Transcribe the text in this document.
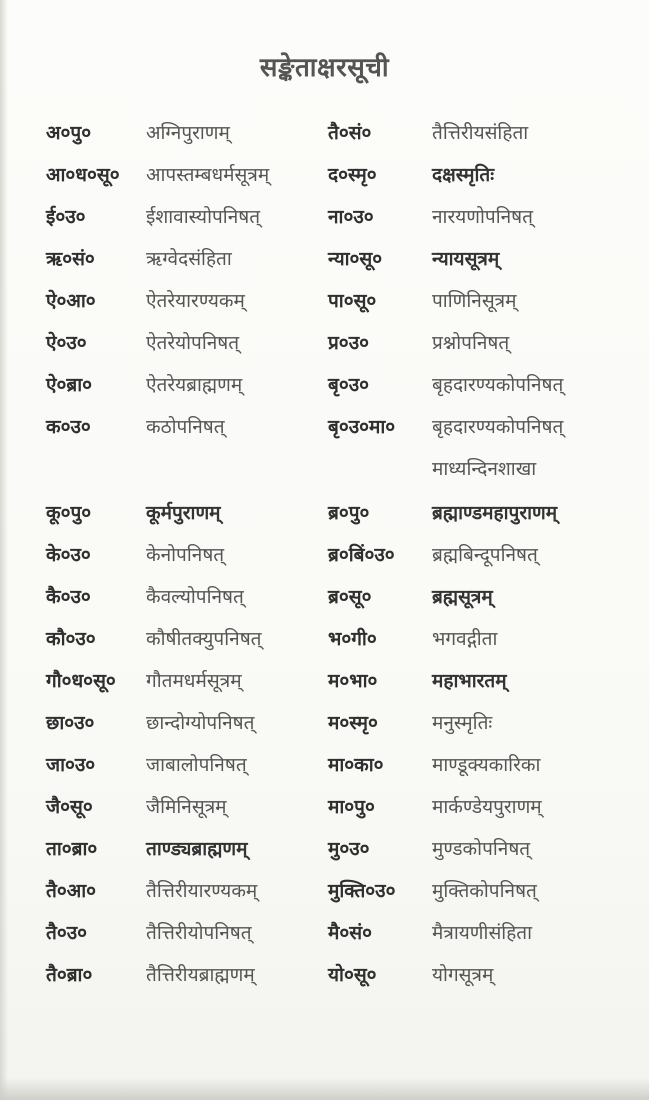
सङ्केताक्षरसूची
अ०पु०	अग्निपुराणम्	तै०सं०	तैत्तिरीयसंहिता
आ०ध०सू० आपस्तम्बधर्मसूत्रम्	द०स्मृ०	दक्षस्मृतिः
ई०उ०	ईशावास्योपनिषत्	ना०उ०	नारयणोपनिषत्
ऋ०सं०	ऋग्वेदसंहिता	न्या०सू०	न्यायसूत्रम्
ऐ०आ०	ऐतरेयारण्यकम्	पा०सू०	पाणिनिसूत्रम्
ऐ०उ०	ऐतरेयोपनिषत्	प्र०उ०	प्रश्नोपनिषत्
ऐ०ब्रा०	ऐतरेयब्राह्मणम्	बृ०उ०	बृहदारण्यकोपनिषत्
क०उ०	कठोपनिषत्	बृ०उ०मा० बृहदारण्यकोपनिषत्
माध्यन्दिनशाखा
कू०पु०	कूर्मपुराणम्	ब्र०पु०	ब्रह्माण्डमहापुराणम्
के०उ०	केनोपनिषत्	ब्र०बिं०उ० ब्रह्मबिन्दूपनिषत्
कै०उ०	कैवल्योपनिषत्	ब्र०सू०	ब्रह्मसूत्रम्
कौ०उ०	कौषीतक्युपनिषत्	भ०गी०	भगवद्गीता
गौ०ध०सू० गौतमधर्मसूत्रम्	म०भा०	महाभारतम्
छा०उ०	छान्दोग्योपनिषत्	म०स्मृ०	मनुस्मृतिः
जा०उ०	जाबालोपनिषत्	मा०का०	माण्डूक्यकारिका
जै०सू०	जैमिनिसूत्रम्	मा०पु०	मार्कण्डेयपुराणम्
ता०ब्रा०	ताण्ड्यब्राह्मणम्	मु०उ०	मुण्डकोपनिषत्
तै०आ०	तैत्तिरीयारण्यकम्	मुक्ति०उ० मुक्तिकोपनिषत्
तै०उ०	तैत्तिरीयोपनिषत्	मै०सं०	मैत्रायणीसंहिता
तै०ब्रा०	तैत्तिरीयब्राह्मणम्	यो०सू०	योगसूत्रम्
